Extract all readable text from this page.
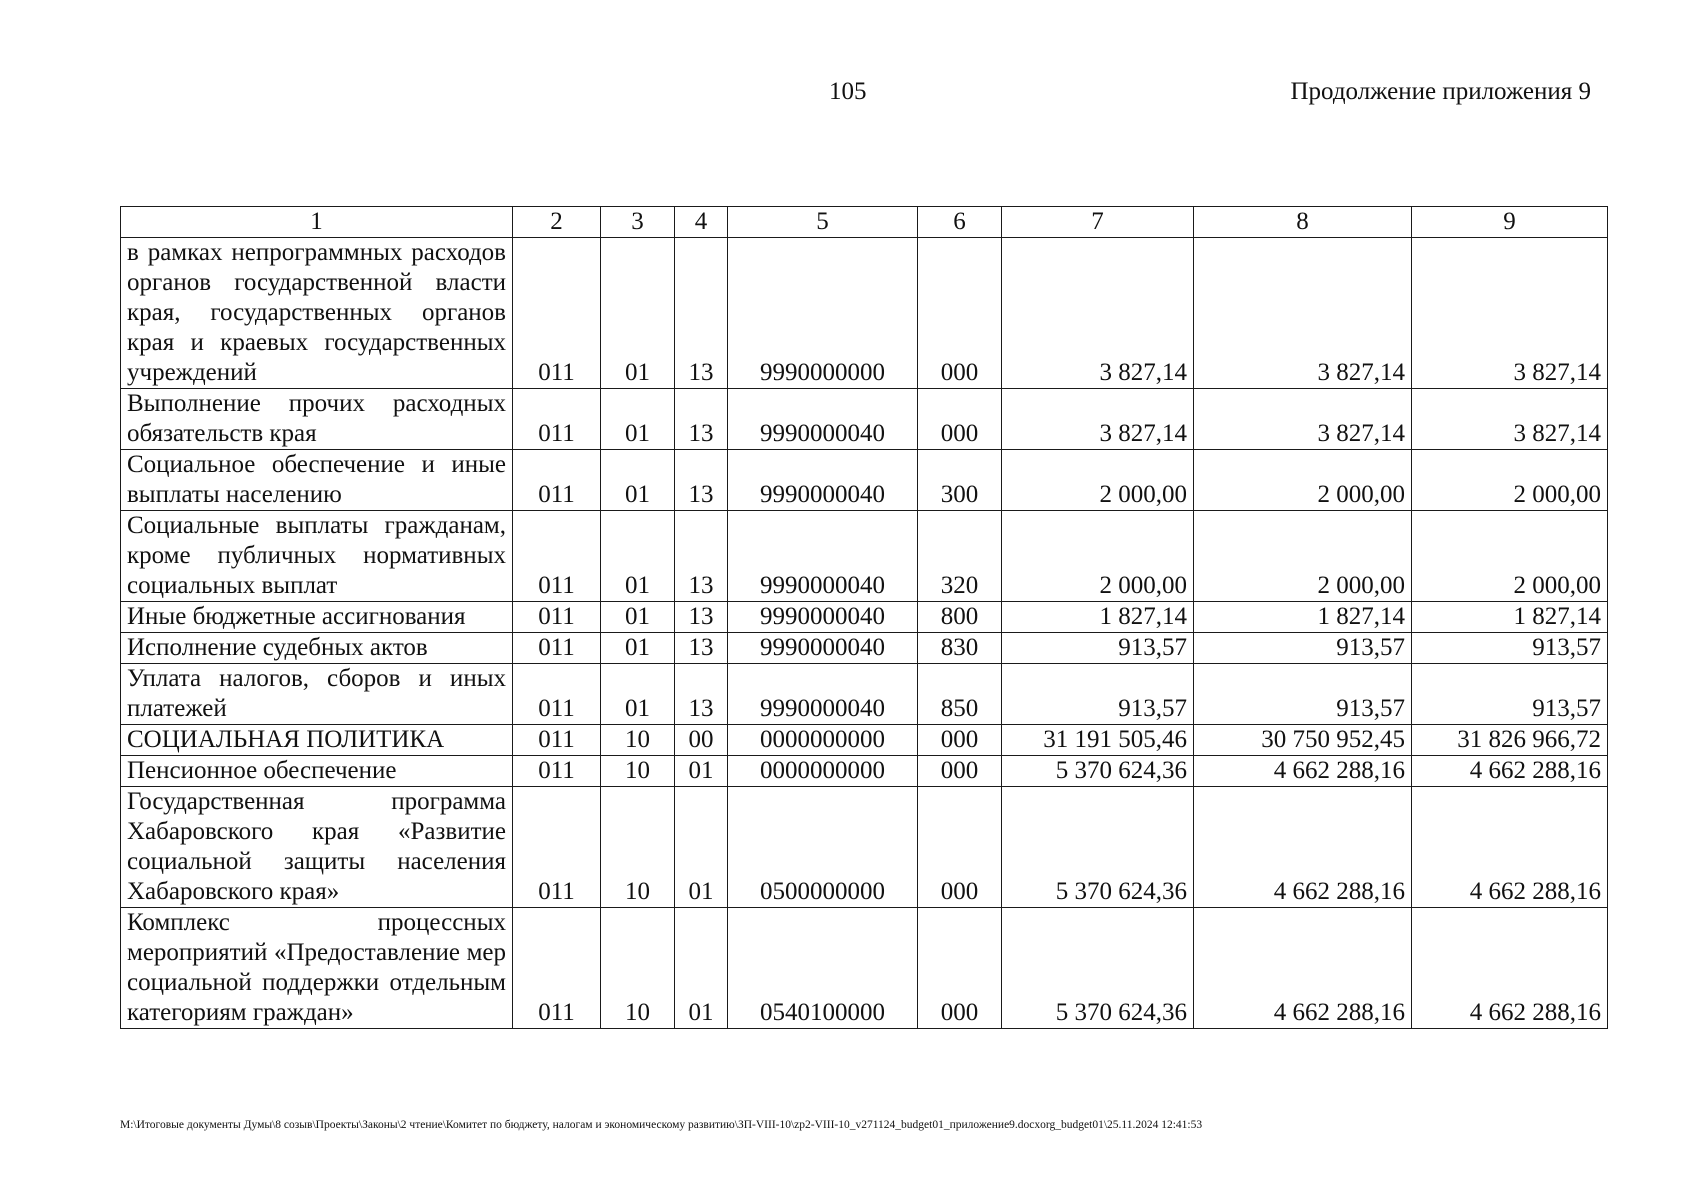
105	Продолжение приложения 9
1	2	3	4	5	6	7	8	9
в рамках непрограммных расходов органов государственной власти края, государственных органов края и краевых государственных учреждений	011	01	13	9990000000	000	3 827,14	3 827,14	3 827,14
Выполнение прочих расходных обязательств края	011	01	13	9990000040	000	3 827,14	3 827,14	3 827,14
Социальное обеспечение и иные выплаты населению	011	01	13	9990000040	300	2 000,00	2 000,00	2 000,00
Социальные выплаты гражданам, кроме публичных нормативных социальных выплат	011	01	13	9990000040	320	2 000,00	2 000,00	2 000,00
Иные бюджетные ассигнования	011	01	13	9990000040	800	1 827,14	1 827,14	1 827,14
Исполнение судебных актов	011	01	13	9990000040	830	913,57	913,57	913,57
Уплата налогов, сборов и иных платежей	011	01	13	9990000040	850	913,57	913,57	913,57
СОЦИАЛЬНАЯ ПОЛИТИКА	011	10	00	0000000000	000	31 191 505,46	30 750 952,45	31 826 966,72
Пенсионное обеспечение	011	10	01	0000000000	000	5 370 624,36	4 662 288,16	4 662 288,16
Государственная программа Хабаровского края «Развитие социальной защиты населения Хабаровского края»	011	10	01	0500000000	000	5 370 624,36	4 662 288,16	4 662 288,16
Комплекс процессных мероприятий «Предоставление мер социальной поддержки отдельным категориям граждан»	011	10	01	0540100000	000	5 370 624,36	4 662 288,16	4 662 288,16
М:\Итоговые документы Думы\8 созыв\Проекты\Законы\2 чтение\Комитет по бюджету, налогам и экономическому развитию\ЗП-VIII-10\zp2-VIII-10_v271124_budget01_приложение9.docxorg_budget01\25.11.2024 12:41:53
